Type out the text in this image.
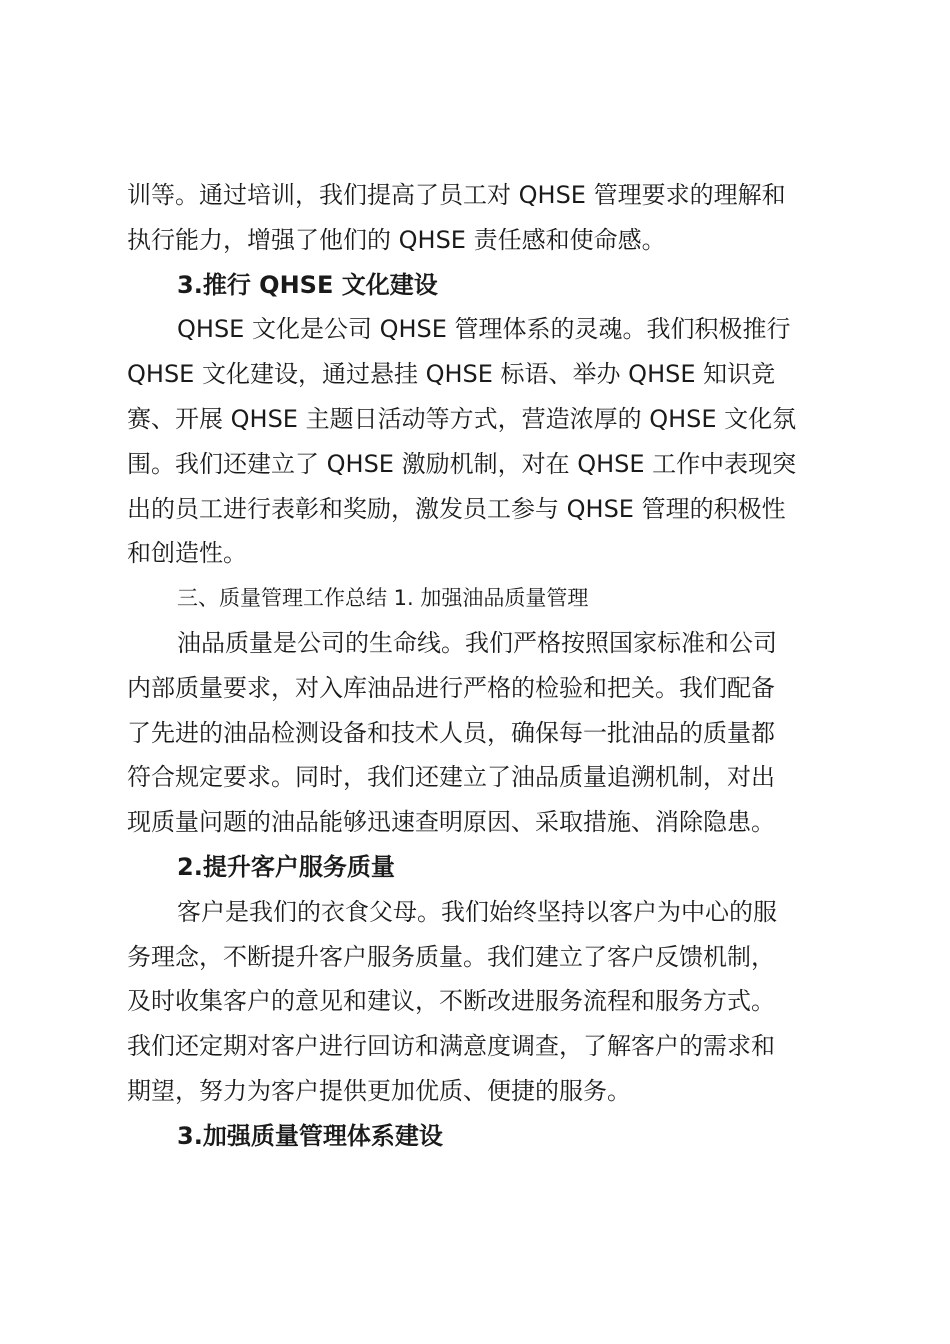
训等。通过培训，我们提高了员工对 QHSE 管理要求的理解和
执行能力，增强了他们的 QHSE 责任感和使命感。
3.推行 QHSE 文化建设
QHSE 文化是公司 QHSE 管理体系的灵魂。我们积极推行
QHSE 文化建设，通过悬挂 QHSE 标语、举办 QHSE 知识竞
赛、开展 QHSE 主题日活动等方式，营造浓厚的 QHSE 文化氛
围。我们还建立了 QHSE 激励机制，对在 QHSE 工作中表现突
出的员工进行表彰和奖励，激发员工参与 QHSE 管理的积极性
和创造性。
三、质量管理工作总结 1. 加强油品质量管理
油品质量是公司的生命线。我们严格按照国家标准和公司
内部质量要求，对入库油品进行严格的检验和把关。我们配备
了先进的油品检测设备和技术人员，确保每一批油品的质量都
符合规定要求。同时，我们还建立了油品质量追溯机制，对出
现质量问题的油品能够迅速查明原因、采取措施、消除隐患。
2.提升客户服务质量
客户是我们的衣食父母。我们始终坚持以客户为中心的服
务理念，不断提升客户服务质量。我们建立了客户反馈机制，
及时收集客户的意见和建议，不断改进服务流程和服务方式。
我们还定期对客户进行回访和满意度调查，了解客户的需求和
期望，努力为客户提供更加优质、便捷的服务。
3.加强质量管理体系建设
